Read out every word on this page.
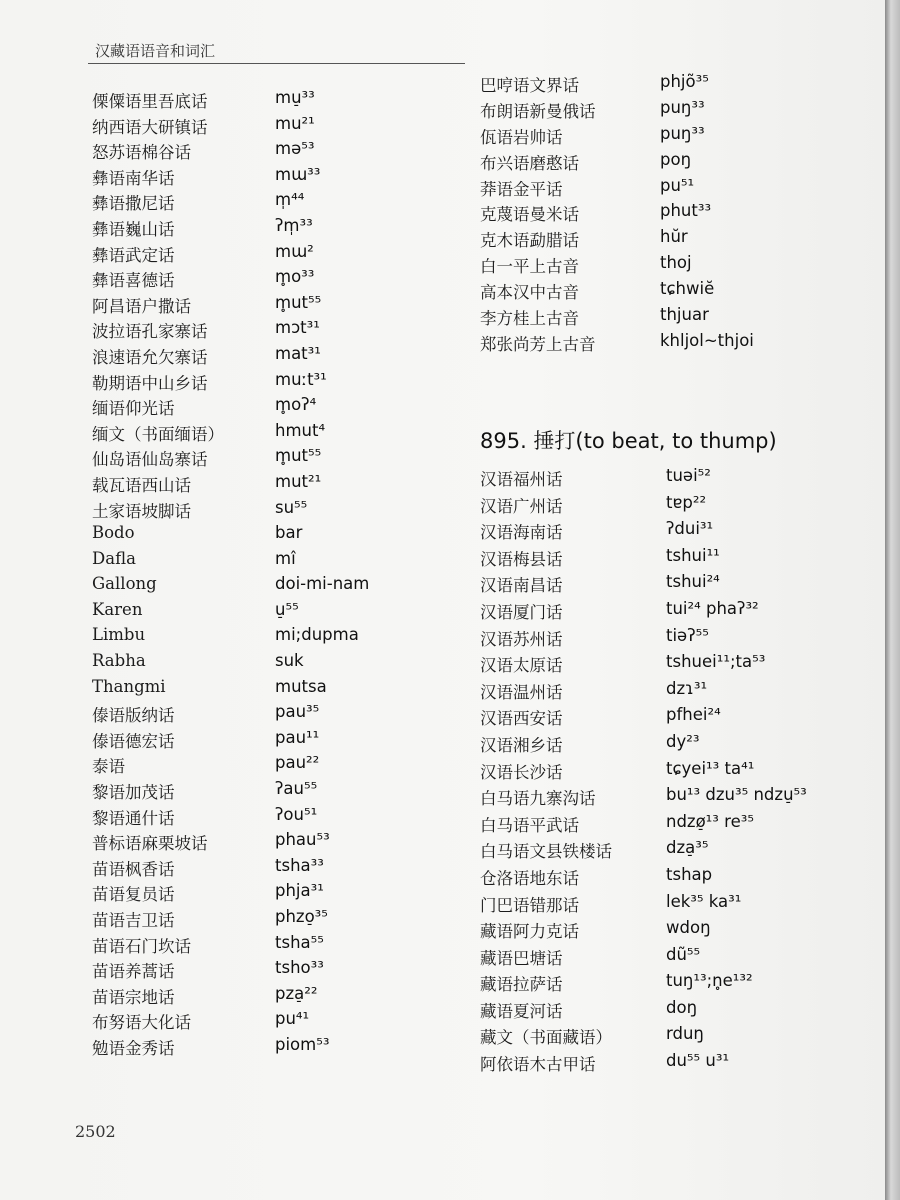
汉藏语语音和词汇
傈僳语里吾底话	mu̠³³
纳西语大研镇话	mu²¹
怒苏语棉谷话	mə⁵³
彝语南华话	mɯ³³
彝语撒尼话	m̩⁴⁴
彝语巍山话	ʔm̩³³
彝语武定话	mɯ²
彝语喜德话	m̥o³³
阿昌语户撒话	m̥ut⁵⁵
波拉语孔家寨话	mɔt³¹
浪速语允欠寨话	mat³¹
勒期语中山乡话	muːt³¹
缅语仰光话	m̥oʔ⁴
缅文（书面缅语）	hmut⁴
仙岛语仙岛寨话	m̥ut⁵⁵
载瓦语西山话	mut²¹
土家语坡脚话	su⁵⁵
Bodo	bar
Dafla	mî
Gallong	doi-mi-nam
Karen	u̠⁵⁵
Limbu	mi;dupma
Rabha	suk
Thangmi	mutsa
傣语版纳话	pau³⁵
傣语德宏话	pau¹¹
泰语	pau²²
黎语加茂话	ʔau⁵⁵
黎语通什话	ʔou⁵¹
普标语麻栗坡话	phau⁵³
苗语枫香话	tsha³³
苗语复员话	phja³¹
苗语吉卫话	phzo̠³⁵
苗语石门坎话	tsha⁵⁵
苗语养蒿话	tsho³³
苗语宗地话	pza̠²²
布努语大化话	pu⁴¹
勉语金秀话	piom⁵³
巴哼语文界话	phjõ³⁵
布朗语新曼俄话	puŋ³³
佤语岩帅话	puŋ³³
布兴语磨憨话	poŋ
莽语金平话	pu⁵¹
克蔑语曼米话	phut³³
克木语勐腊话	hŭr
白一平上古音	thoj
高本汉中古音	tɕhwiĕ
李方桂上古音	thjuar
郑张尚芳上古音	khljol~thjoi
895. 捶打(to beat, to thump)
汉语福州话	tuəi⁵²
汉语广州话	tɐp²²
汉语海南话	ʔdui³¹
汉语梅县话	tshui¹¹
汉语南昌话	tshui²⁴
汉语厦门话	tui²⁴ phaʔ³²
汉语苏州话	tiəʔ⁵⁵
汉语太原话	tshuei¹¹;ta⁵³
汉语温州话	dzɿ³¹
汉语西安话	pfhei²⁴
汉语湘乡话	dy²³
汉语长沙话	tɕyei¹³ ta⁴¹
白马语九寨沟话	bu¹³ dzu³⁵ ndzu̠⁵³
白马语平武话	ndzø̠¹³ re³⁵
白马语文县铁楼话	dza̠³⁵
仓洛语地东话	tshap
门巴语错那话	lek³⁵ ka³¹
藏语阿力克话	wdoŋ
藏语巴塘话	dũ⁵⁵
藏语拉萨话	tuŋ¹³;n̥e¹³²
藏语夏河话	doŋ
藏文（书面藏语）	rduŋ
阿依语木古甲话	du⁵⁵ u³¹
2502
